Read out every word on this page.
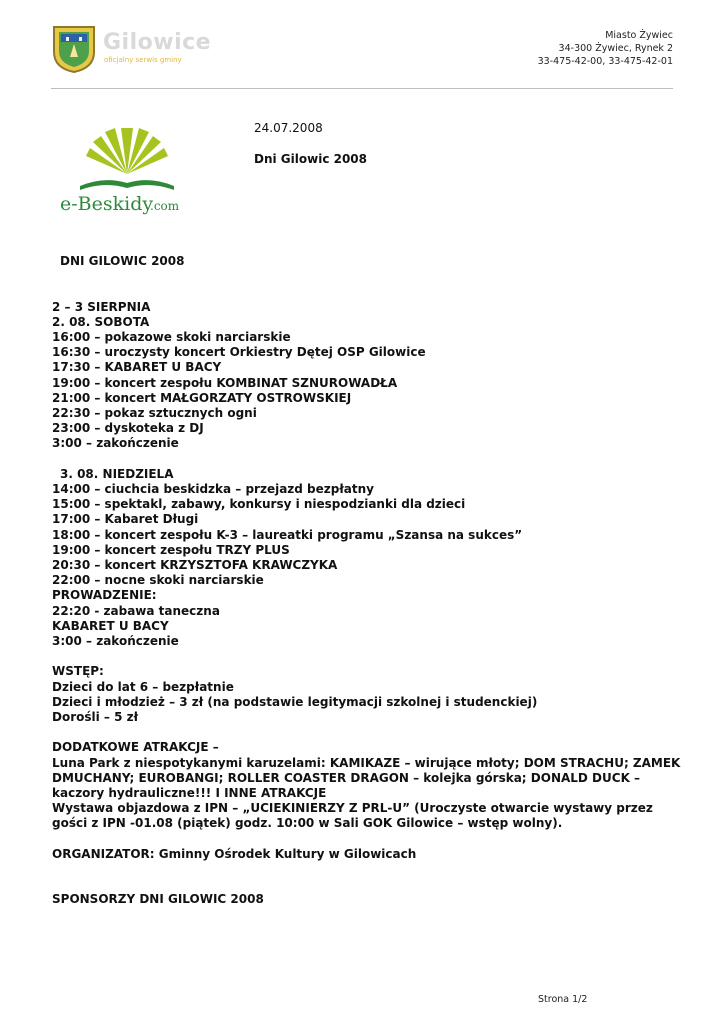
Gilowice
oficjalny serwis gminy
Miasto Żywiec
34-300 Żywiec, Rynek 2
33-475-42-00, 33-475-42-01
e-Beskidy
.com
24.07.2008
Dni Gilowic 2008
DNI GILOWIC 2008
2 – 3 SIERPNIA
2. 08. SOBOTA
16:00 – pokazowe skoki narciarskie
16:30 – uroczysty koncert Orkiestry Dętej OSP Gilowice
17:30 – KABARET U BACY
19:00 – koncert zespołu KOMBINAT SZNUROWADŁA
21:00 – koncert MAŁGORZATY OSTROWSKIEJ
22:30 – pokaz sztucznych ogni
23:00 – dyskoteka z DJ
3:00 – zakończenie
3. 08. NIEDZIELA
14:00 – ciuchcia beskidzka – przejazd bezpłatny
15:00 – spektakl, zabawy, konkursy i niespodzianki dla dzieci
17:00 – Kabaret Długi
18:00 – koncert zespołu K-3 – laureatki programu „Szansa na sukces”
19:00 – koncert zespołu TRZY PLUS
20:30 – koncert KRZYSZTOFA KRAWCZYKA
22:00 – nocne skoki narciarskie
PROWADZENIE:
22:20 - zabawa taneczna
KABARET U BACY
3:00 – zakończenie
WSTĘP:
Dzieci do lat 6 – bezpłatnie
Dzieci i młodzież – 3 zł (na podstawie legitymacji szkolnej i studenckiej)
Dorośli – 5 zł
DODATKOWE ATRAKCJE –
Luna Park z niespotykanymi karuzelami: KAMIKAZE – wirujące młoty; DOM STRACHU; ZAMEK DMUCHANY; EUROBANGI; ROLLER COASTER DRAGON – kolejka górska; DONALD DUCK – kaczory hydrauliczne!!! I INNE ATRAKCJE
Wystawa objazdowa z IPN – „UCIEKINIERZY Z PRL-U” (Uroczyste otwarcie wystawy przez gości z IPN -01.08 (piątek) godz. 10:00 w Sali GOK Gilowice – wstęp wolny).
ORGANIZATOR: Gminny Ośrodek Kultury w Gilowicach
SPONSORZY DNI GILOWIC 2008
Strona 1/2
